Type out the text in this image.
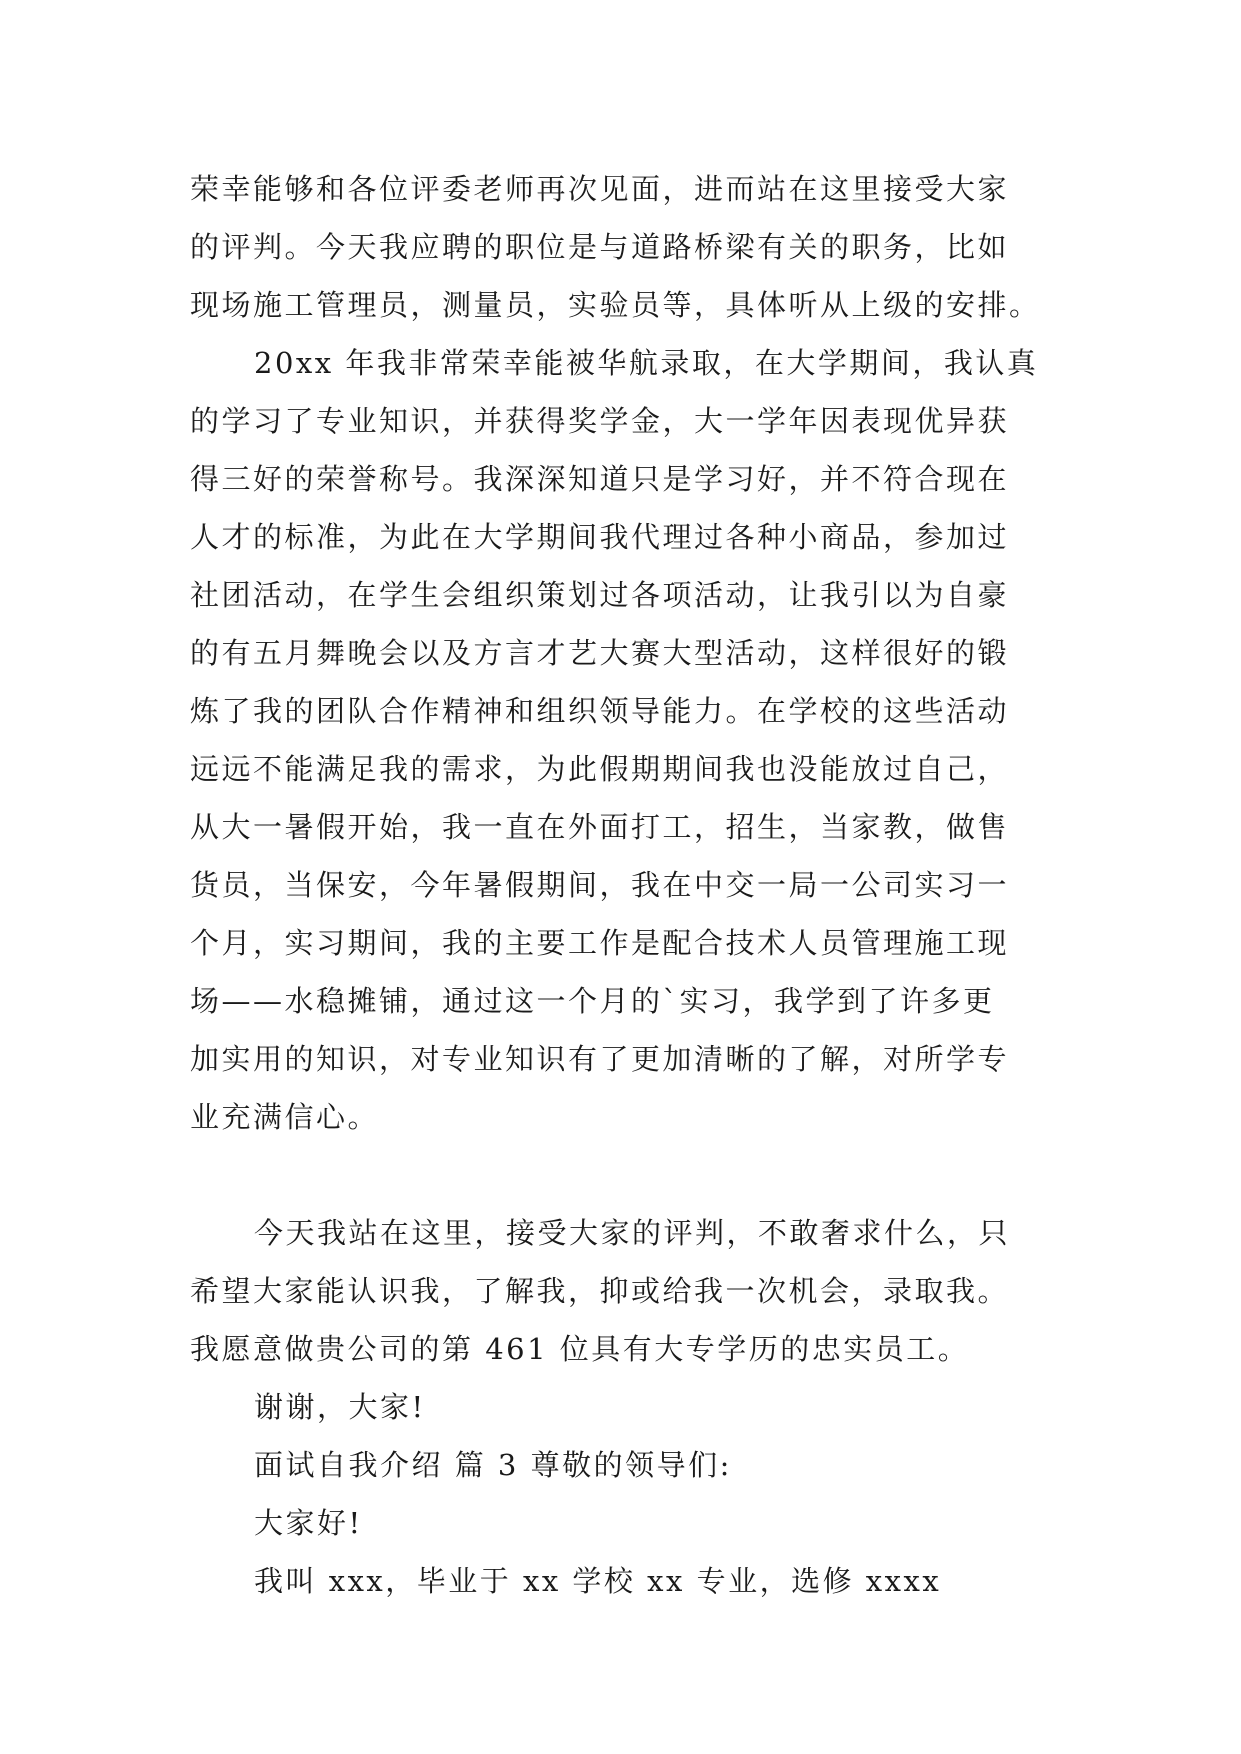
荣幸能够和各位评委老师再次见面，进而站在这里接受大家
的评判。今天我应聘的职位是与道路桥梁有关的职务，比如
现场施工管理员，测量员，实验员等，具体听从上级的安排。

20xx 年我非常荣幸能被华航录取，在大学期间，我认真
的学习了专业知识，并获得奖学金，大一学年因表现优异获
得三好的荣誉称号。我深深知道只是学习好，并不符合现在
人才的标准，为此在大学期间我代理过各种小商品，参加过
社团活动，在学生会组织策划过各项活动，让我引以为自豪
的有五月舞晚会以及方言才艺大赛大型活动，这样很好的锻
炼了我的团队合作精神和组织领导能力。在学校的这些活动
远远不能满足我的需求，为此假期期间我也没能放过自己，
从大一暑假开始，我一直在外面打工，招生，当家教，做售
货员，当保安，今年暑假期间，我在中交一局一公司实习一
个月，实习期间，我的主要工作是配合技术人员管理施工现
场——水稳摊铺，通过这一个月的`实习，我学到了许多更
加实用的知识，对专业知识有了更加清晰的了解，对所学专
业充满信心。

今天我站在这里，接受大家的评判，不敢奢求什么，只
希望大家能认识我，了解我，抑或给我一次机会，录取我。
我愿意做贵公司的第 461 位具有大专学历的忠实员工。

谢谢，大家!

面试自我介绍 篇 3 尊敬的领导们:

大家好!

我叫 xxx，毕业于 xx 学校 xx 专业，选修 xxxx
